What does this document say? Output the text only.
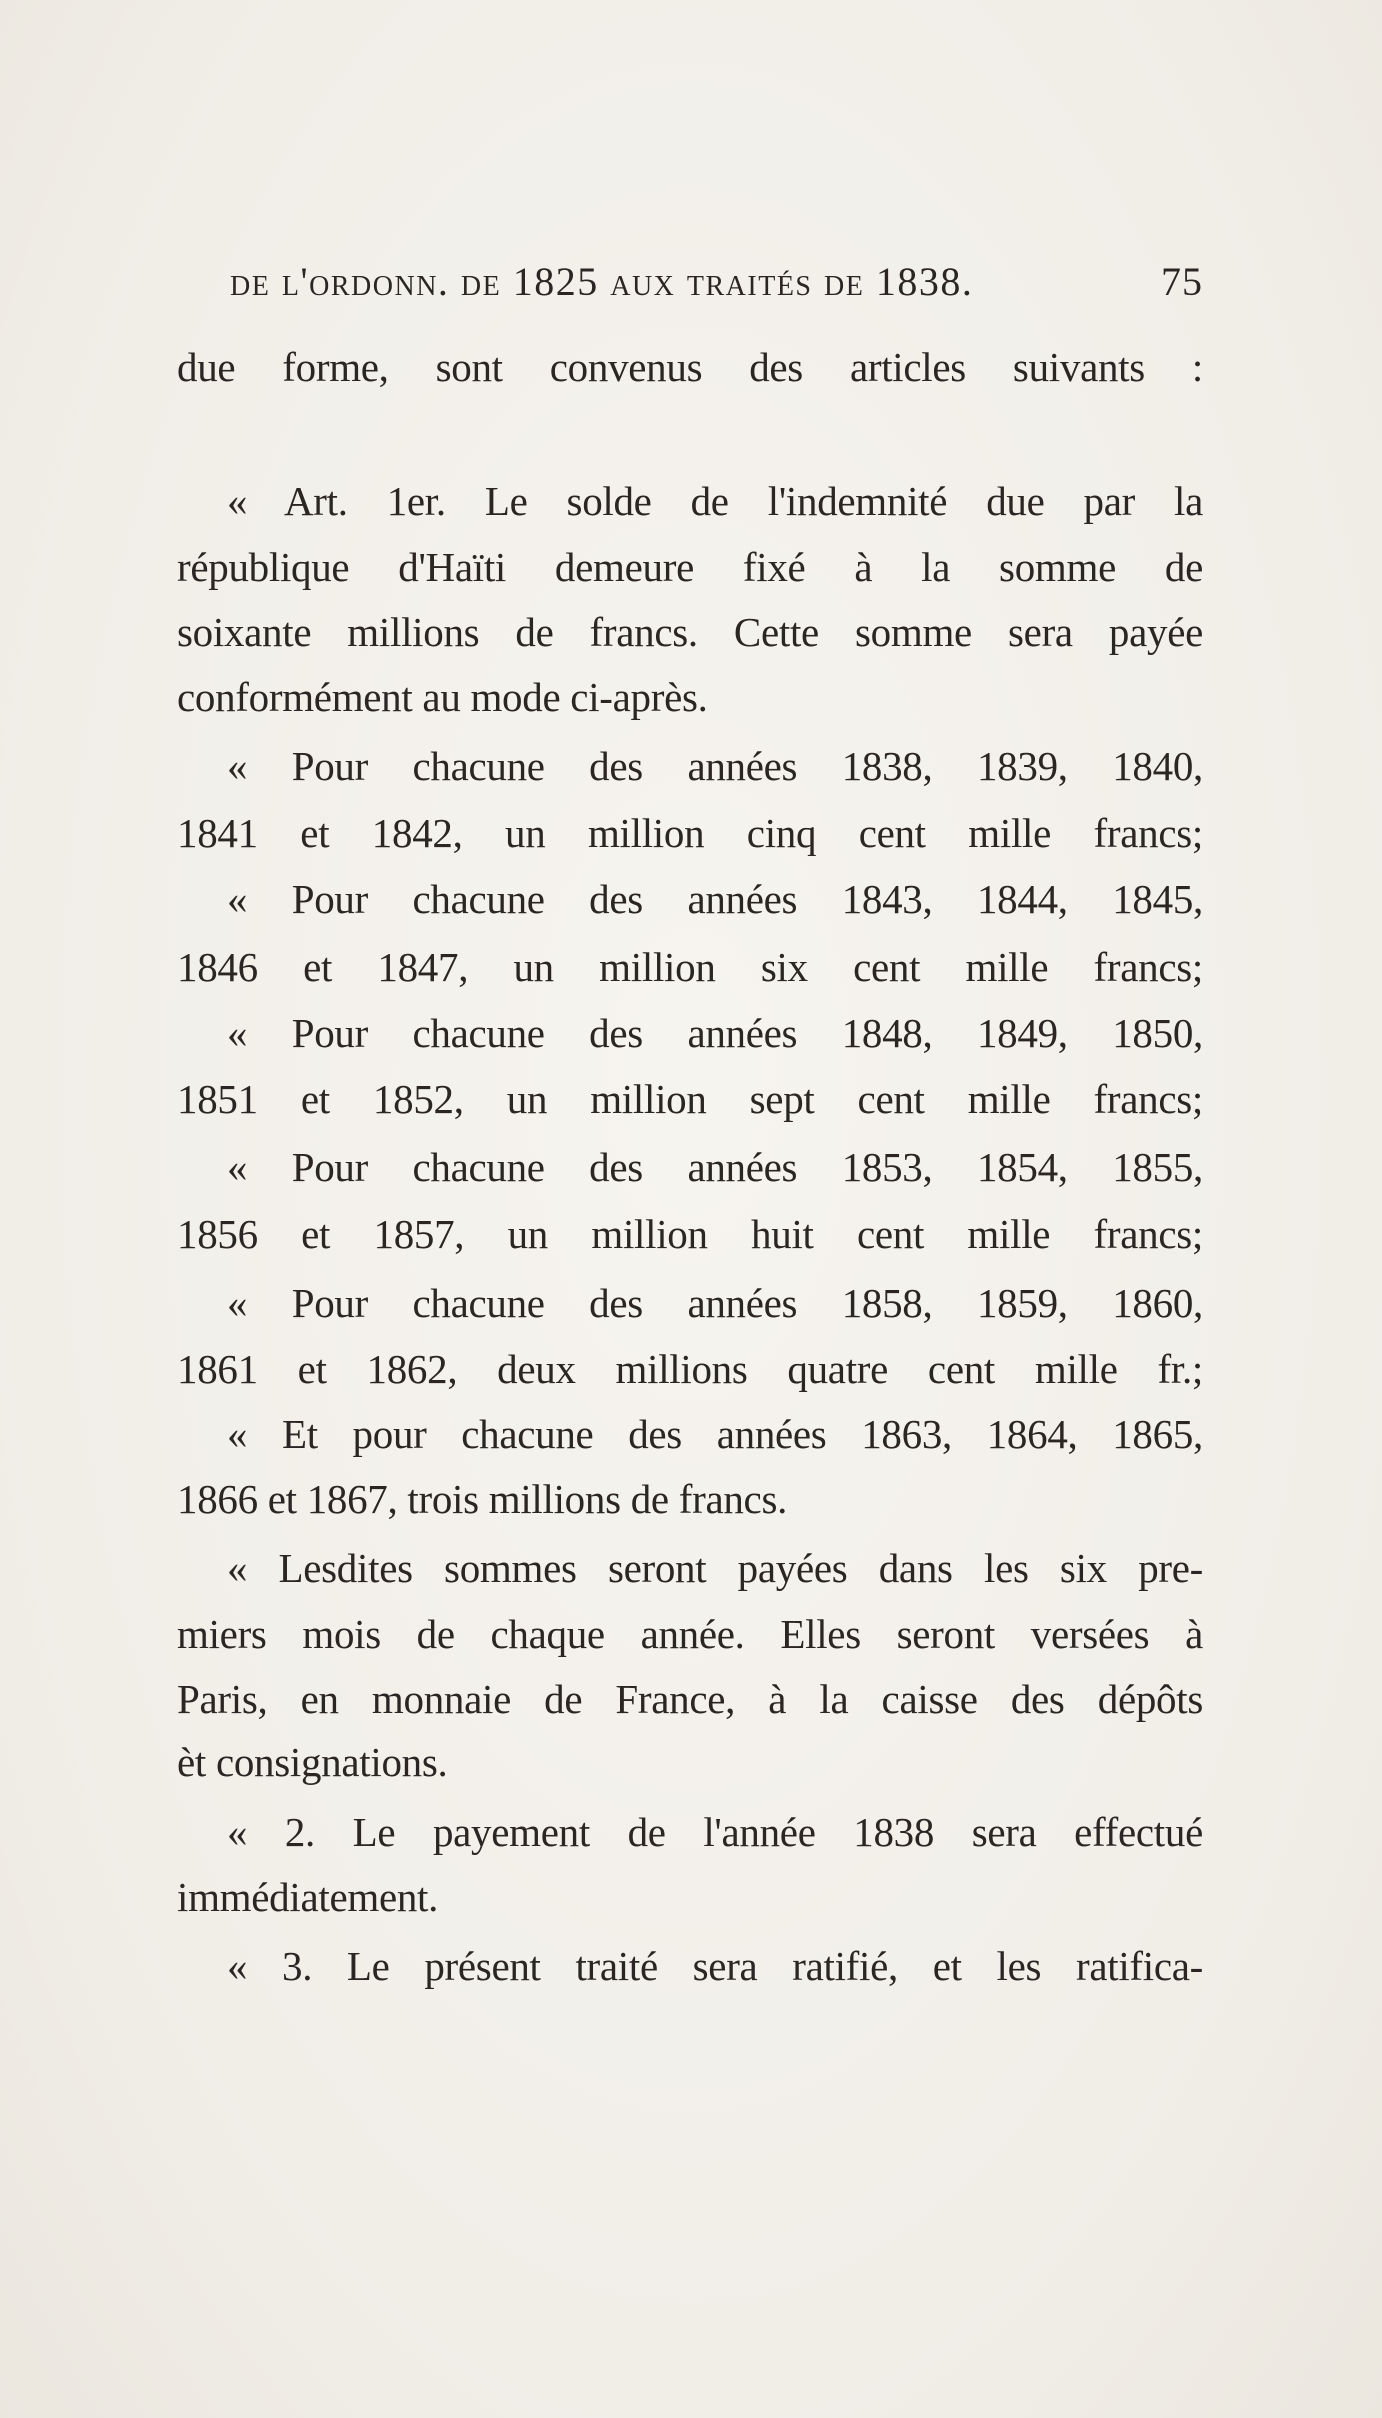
de l'ordonn. de 1825 aux traités de 1838.	75
due forme, sont convenus des articles suivants :
« Art. 1er. Le solde de l'indemnité due par la
république d'Haïti demeure fixé à la somme de
soixante millions de francs. Cette somme sera payée
conformément au mode ci-après.
« Pour chacune des années 1838, 1839, 1840,
1841 et 1842, un million cinq cent mille francs;
« Pour chacune des années 1843, 1844, 1845,
1846 et 1847, un million six cent mille francs;
« Pour chacune des années 1848, 1849, 1850,
1851 et 1852, un million sept cent mille francs;
« Pour chacune des années 1853, 1854, 1855,
1856 et 1857, un million huit cent mille francs;
« Pour chacune des années 1858, 1859, 1860,
1861 et 1862, deux millions quatre cent mille fr.;
« Et pour chacune des années 1863, 1864, 1865,
1866 et 1867, trois millions de francs.
« Lesdites sommes seront payées dans les six pre-
miers mois de chaque année. Elles seront versées à
Paris, en monnaie de France, à la caisse des dépôts
èt consignations.
« 2. Le payement de l'année 1838 sera effectué
immédiatement.
« 3. Le présent traité sera ratifié, et les ratifica-
